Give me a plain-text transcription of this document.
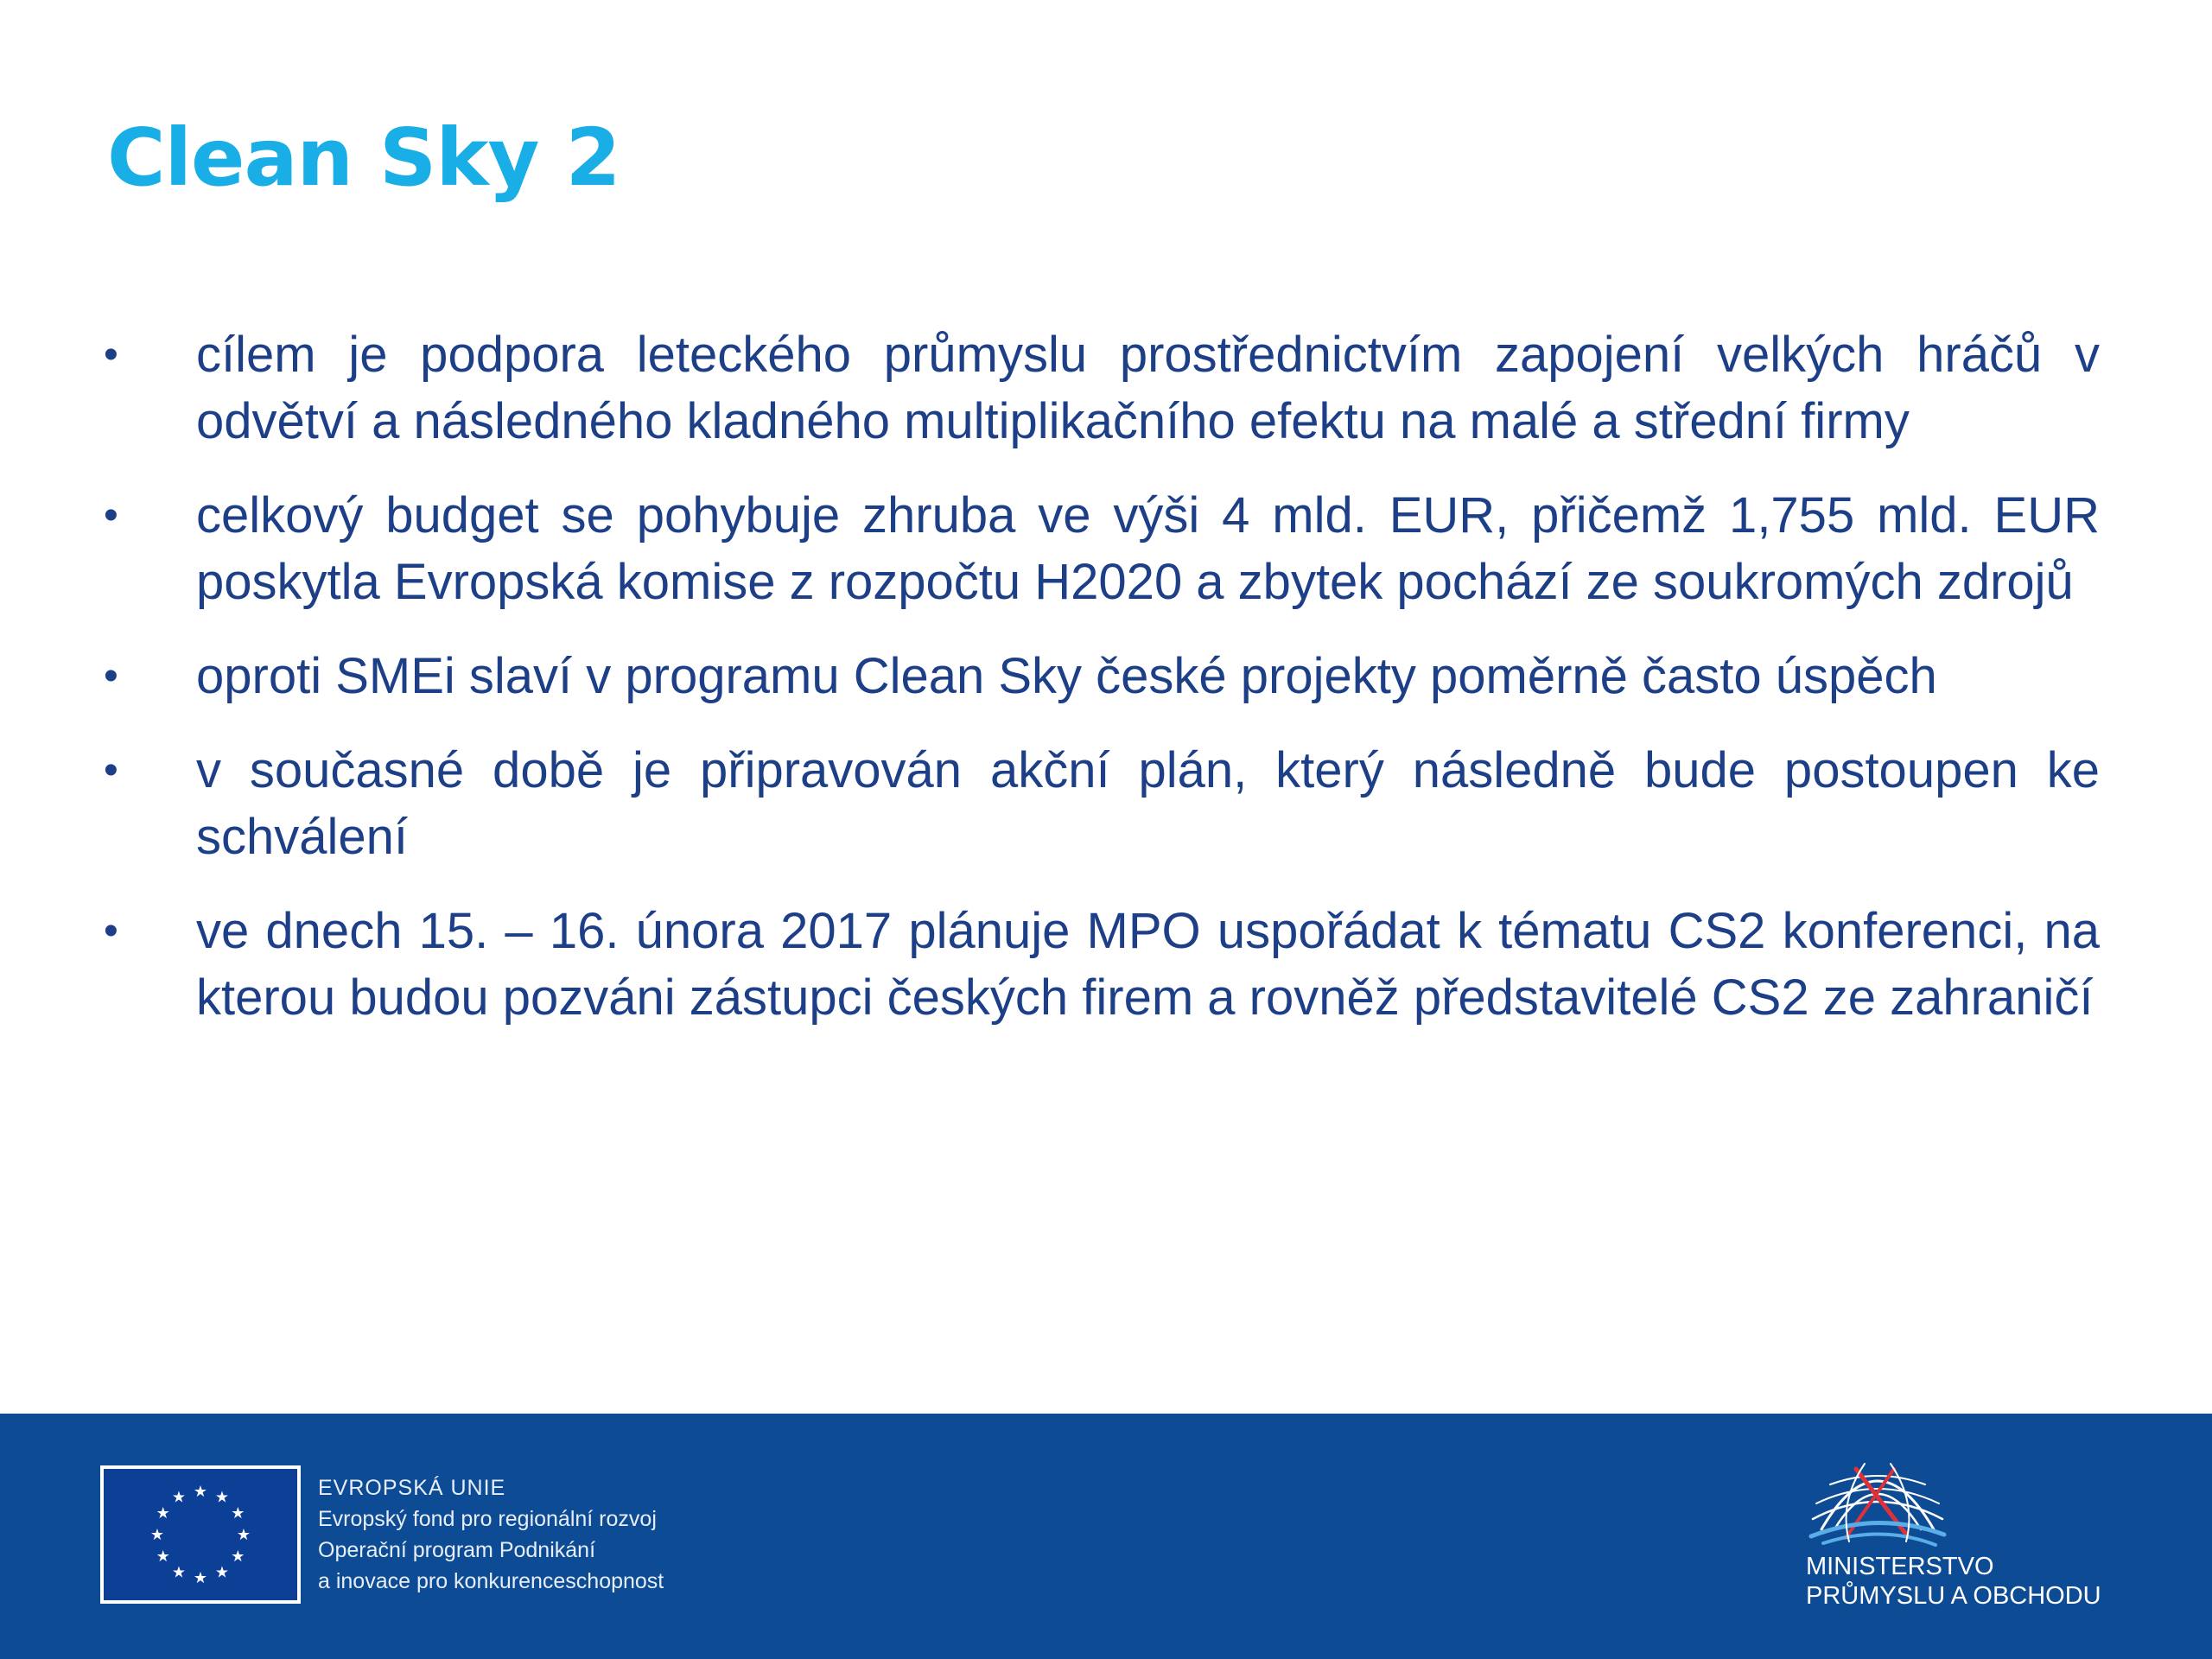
Clean Sky 2
•	cílem je podpora leteckého průmyslu prostřednictvím zapojení velkých hráčů v odvětví a následného kladného multiplikačního efektu na malé a střední firmy
•	celkový budget se pohybuje zhruba ve výši 4 mld. EUR, přičemž 1,755 mld. EUR poskytla Evropská komise z rozpočtu H2020 a zbytek pochází ze soukromých zdrojů
•	oproti SMEi slaví v programu Clean Sky české projekty poměrně často úspěch
•	v současné době je připravován akční plán, který následně bude postoupen ke schválení
•	ve dnech 15. – 16. února 2017 plánuje MPO uspořádat k tématu CS2 konferenci, na kterou budou pozváni zástupci českých firem a rovněž představitelé CS2 ze zahraničí
★ ★
★
★
★
★
★
★
★
★
★
★	EVROPSKÁ UNIE
Evropský fond pro regionální rozvoj
Operační program Podnikání
a inovace pro konkurenceschopnost
MINISTERSTVO
PRŮMYSLU A OBCHODU
